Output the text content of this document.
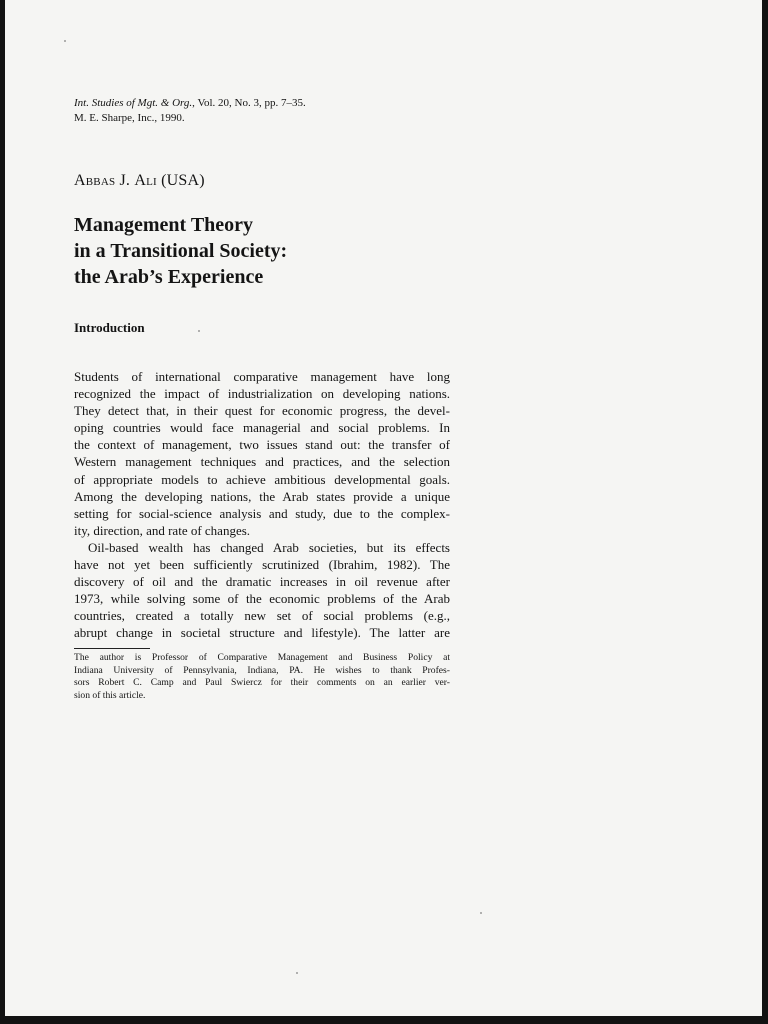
Int. Studies of Mgt. & Org., Vol. 20, No. 3, pp. 7–35.
M. E. Sharpe, Inc., 1990.
Abbas J. Ali (USA)
Management Theory
in a Transitional Society:
the Arab’s Experience
Introduction
Students of international comparative management have long
recognized the impact of industrialization on developing nations.
They detect that, in their quest for economic progress, the devel-
oping countries would face managerial and social problems. In
the context of management, two issues stand out: the transfer of
Western management techniques and practices, and the selection
of appropriate models to achieve ambitious developmental goals.
Among the developing nations, the Arab states provide a unique
setting for social-science analysis and study, due to the complex-
ity, direction, and rate of changes.
Oil-based wealth has changed Arab societies, but its effects
have not yet been sufficiently scrutinized (Ibrahim, 1982). The
discovery of oil and the dramatic increases in oil revenue after
1973, while solving some of the economic problems of the Arab
countries, created a totally new set of social problems (e.g.,
abrupt change in societal structure and lifestyle). The latter are
The author is Professor of Comparative Management and Business Policy at
Indiana University of Pennsylvania, Indiana, PA. He wishes to thank Profes-
sors Robert C. Camp and Paul Swiercz for their comments on an earlier ver-
sion of this article.
